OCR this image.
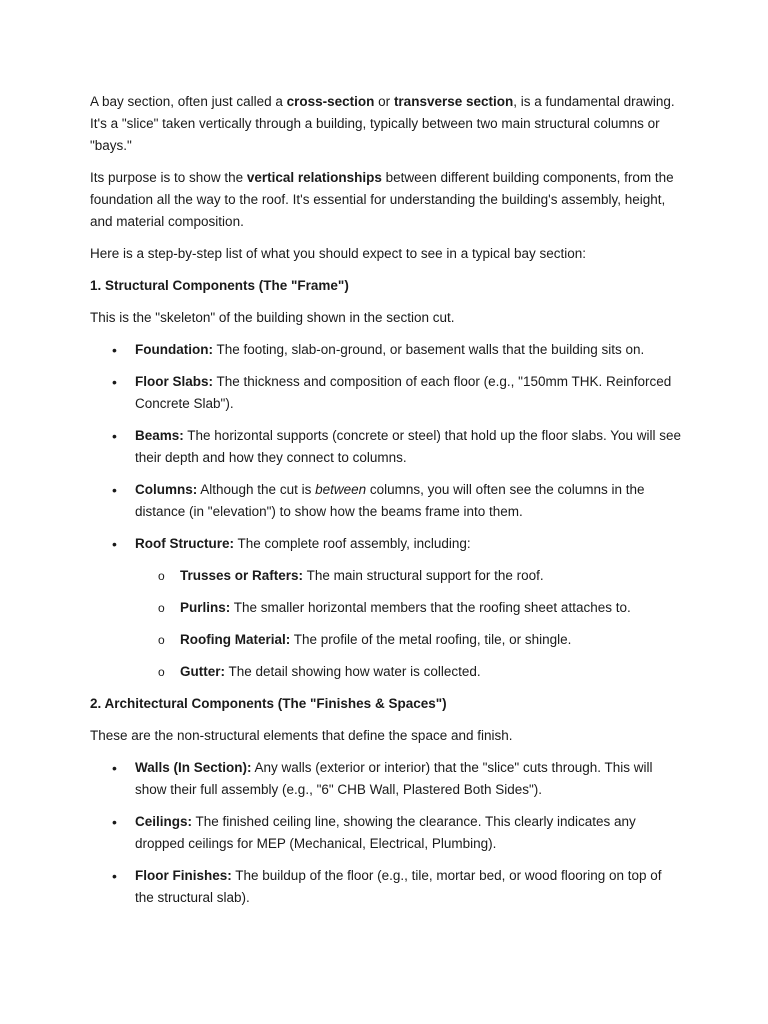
A bay section, often just called a cross-section or transverse section, is a fundamental drawing. It's a "slice" taken vertically through a building, typically between two main structural columns or "bays."

Its purpose is to show the vertical relationships between different building components, from the foundation all the way to the roof. It's essential for understanding the building's assembly, height, and material composition.

Here is a step-by-step list of what you should expect to see in a typical bay section:

1. Structural Components (The "Frame")

This is the "skeleton" of the building shown in the section cut.

• Foundation: The footing, slab-on-ground, or basement walls that the building sits on.
• Floor Slabs: The thickness and composition of each floor (e.g., "150mm THK. Reinforced Concrete Slab").
• Beams: The horizontal supports (concrete or steel) that hold up the floor slabs. You will see their depth and how they connect to columns.
• Columns: Although the cut is between columns, you will often see the columns in the distance (in "elevation") to show how the beams frame into them.
• Roof Structure: The complete roof assembly, including:
o Trusses or Rafters: The main structural support for the roof.
o Purlins: The smaller horizontal members that the roofing sheet attaches to.
o Roofing Material: The profile of the metal roofing, tile, or shingle.
o Gutter: The detail showing how water is collected.

2. Architectural Components (The "Finishes & Spaces")

These are the non-structural elements that define the space and finish.

• Walls (In Section): Any walls (exterior or interior) that the "slice" cuts through. This will show their full assembly (e.g., "6" CHB Wall, Plastered Both Sides").
• Ceilings: The finished ceiling line, showing the clearance. This clearly indicates any dropped ceilings for MEP (Mechanical, Electrical, Plumbing).
• Floor Finishes: The buildup of the floor (e.g., tile, mortar bed, or wood flooring on top of the structural slab).
